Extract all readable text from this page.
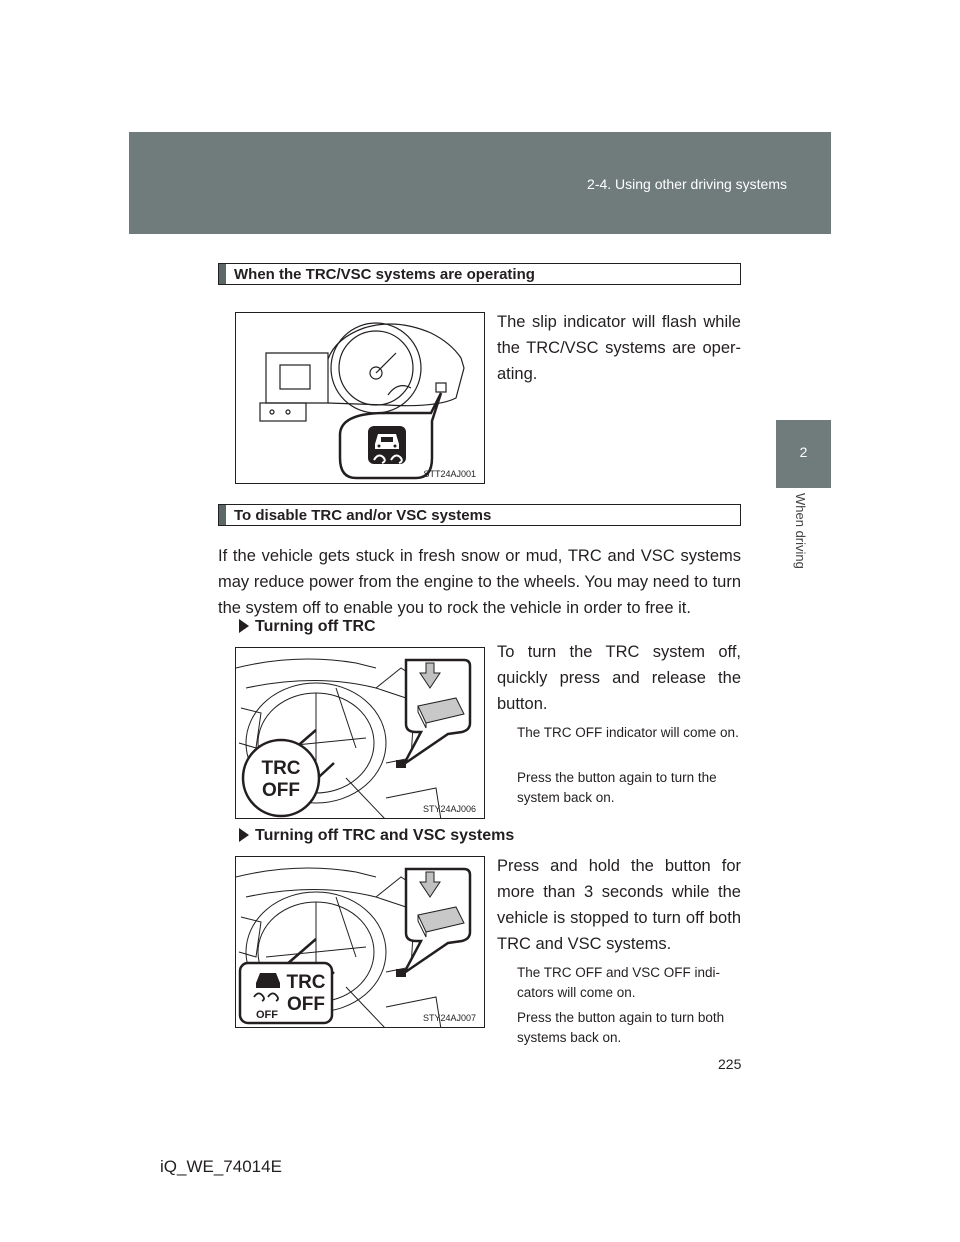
2-4. Using other driving systems
2
When driving
When the TRC/VSC systems are operating
STT24AJ001
The slip indicator will flash while the TRC/VSC systems are oper- ating.
To disable TRC and/or VSC systems
If the vehicle gets stuck in fresh snow or mud, TRC and VSC systems may reduce power from the engine to the wheels. You may need to turn the system off to enable you to rock the vehicle in order to free it.
Turning off TRC
TRC
OFF
STY24AJ006
To turn the TRC system off, quickly press and release the button.
The TRC OFF indicator will come on.
Press the button again to turn the system back on.
Turning off TRC and VSC systems
OFF
TRC
OFF
STY24AJ007
Press and hold the button for more than 3 seconds while the vehicle is stopped to turn off both TRC and VSC systems.
The TRC OFF and VSC OFF indi- cators will come on.
Press the button again to turn both systems back on.
225
iQ_WE_74014E
